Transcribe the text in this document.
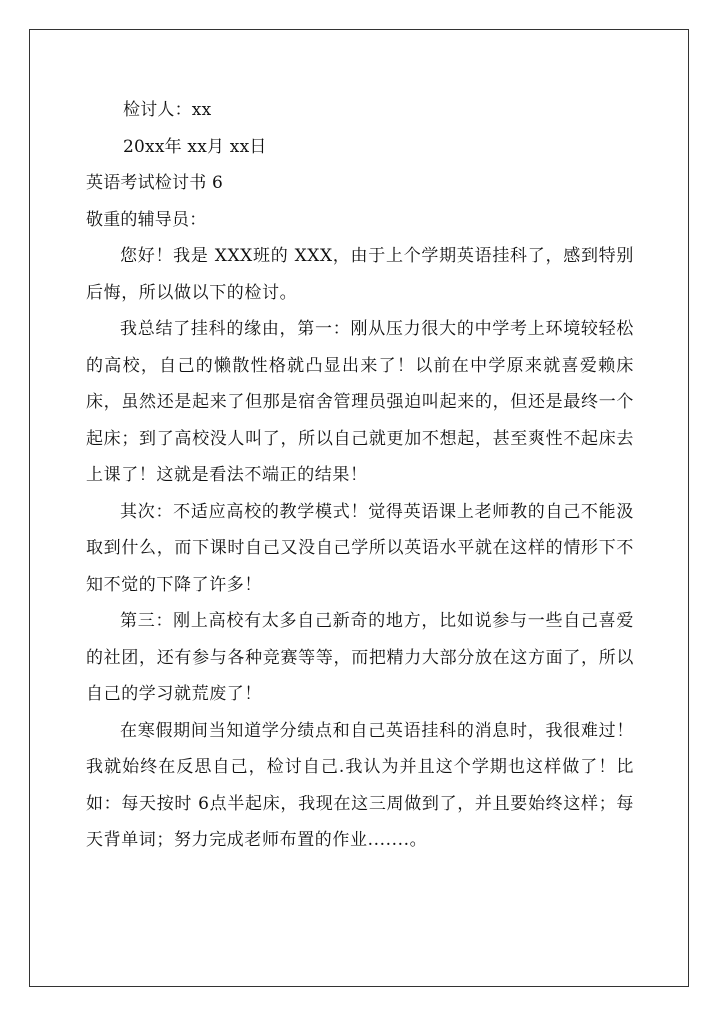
检讨人：xx
20xx年 xx月 xx日
英语考试检讨书 6
敬重的辅导员：

您好！我是 XXX班的 XXX，由于上个学期英语挂科了，感到特别后悔，所以做以下的检讨。

我总结了挂科的缘由，第一：刚从压力很大的中学考上环境较轻松的高校，自己的懒散性格就凸显出来了！以前在中学原来就喜爱赖床床，虽然还是起来了但那是宿舍管理员强迫叫起来的，但还是最终一个起床；到了高校没人叫了，所以自己就更加不想起，甚至爽性不起床去上课了！这就是看法不端正的结果！

其次：不适应高校的教学模式！觉得英语课上老师教的自己不能汲取到什么，而下课时自己又没自己学所以英语水平就在这样的情形下不知不觉的下降了许多！

第三：刚上高校有太多自己新奇的地方，比如说参与一些自己喜爱的社团，还有参与各种竞赛等等，而把精力大部分放在这方面了，所以自己的学习就荒废了！

在寒假期间当知道学分绩点和自己英语挂科的消息时，我很难过！我就始终在反思自己，检讨自己.我认为并且这个学期也这样做了！比如：每天按时 6点半起床，我现在这三周做到了，并且要始终这样；每天背单词；努力完成老师布置的作业.......。
